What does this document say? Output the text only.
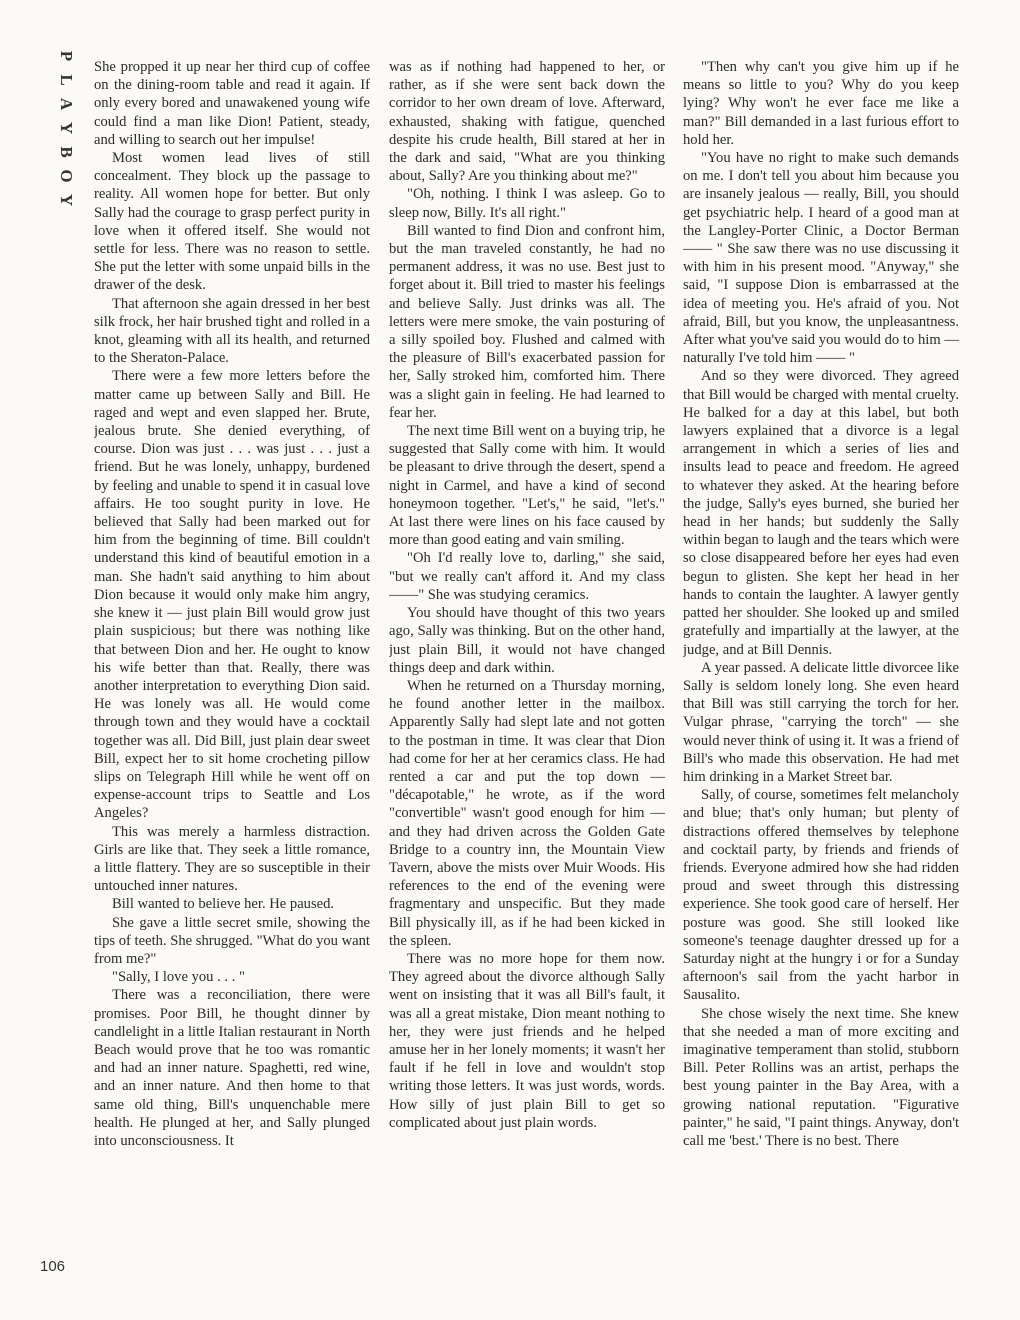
P
L
A
Y
B
O
Y
106

She propped it up near her third cup of coffee on the dining-room table and read it again. If only every bored and unawakened young wife could find a man like Dion! Patient, steady, and willing to search out her impulse!

Most women lead lives of still concealment. They block up the passage to reality. All women hope for better. But only Sally had the courage to grasp perfect purity in love when it offered itself. She would not settle for less. There was no reason to settle. She put the letter with some unpaid bills in the drawer of the desk.

That afternoon she again dressed in her best silk frock, her hair brushed tight and rolled in a knot, gleaming with all its health, and returned to the Sheraton-Palace.

There were a few more letters before the matter came up between Sally and Bill. He raged and wept and even slapped her. Brute, jealous brute. She denied everything, of course. Dion was just . . . was just . . . just a friend. But he was lonely, unhappy, burdened by feeling and unable to spend it in casual love affairs. He too sought purity in love. He believed that Sally had been marked out for him from the beginning of time. Bill couldn't understand this kind of beautiful emotion in a man. She hadn't said anything to him about Dion because it would only make him angry, she knew it — just plain Bill would grow just plain suspicious; but there was nothing like that between Dion and her. He ought to know his wife better than that. Really, there was another interpretation to everything Dion said. He was lonely was all. He would come through town and they would have a cocktail together was all. Did Bill, just plain dear sweet Bill, expect her to sit home crocheting pillow slips on Telegraph Hill while he went off on expense-account trips to Seattle and Los Angeles?

This was merely a harmless distraction. Girls are like that. They seek a little romance, a little flattery. They are so susceptible in their untouched inner natures.

Bill wanted to believe her. He paused.

She gave a little secret smile, showing the tips of teeth. She shrugged. "What do you want from me?"

"Sally, I love you . . . "

There was a reconciliation, there were promises. Poor Bill, he thought dinner by candlelight in a little Italian restaurant in North Beach would prove that he too was romantic and had an inner nature. Spaghetti, red wine, and an inner nature. And then home to that same old thing, Bill's unquenchable mere health. He plunged at her, and Sally plunged into unconsciousness. It

was as if nothing had happened to her, or rather, as if she were sent back down the corridor to her own dream of love. Afterward, exhausted, shaking with fatigue, quenched despite his crude health, Bill stared at her in the dark and said, "What are you thinking about, Sally? Are you thinking about me?"

"Oh, nothing. I think I was asleep. Go to sleep now, Billy. It's all right."

Bill wanted to find Dion and confront him, but the man traveled constantly, he had no permanent address, it was no use. Best just to forget about it. Bill tried to master his feelings and believe Sally. Just drinks was all. The letters were mere smoke, the vain posturing of a silly spoiled boy. Flushed and calmed with the pleasure of Bill's exacerbated passion for her, Sally stroked him, comforted him. There was a slight gain in feeling. He had learned to fear her.

The next time Bill went on a buying trip, he suggested that Sally come with him. It would be pleasant to drive through the desert, spend a night in Carmel, and have a kind of second honeymoon together. "Let's," he said, "let's." At last there were lines on his face caused by more than good eating and vain smiling.

"Oh I'd really love to, darling," she said, "but we really can't afford it. And my class——" She was studying ceramics.

You should have thought of this two years ago, Sally was thinking. But on the other hand, just plain Bill, it would not have changed things deep and dark within.

When he returned on a Thursday morning, he found another letter in the mailbox. Apparently Sally had slept late and not gotten to the postman in time. It was clear that Dion had come for her at her ceramics class. He had rented a car and put the top down — "décapotable," he wrote, as if the word "convertible" wasn't good enough for him — and they had driven across the Golden Gate Bridge to a country inn, the Mountain View Tavern, above the mists over Muir Woods. His references to the end of the evening were fragmentary and unspecific. But they made Bill physically ill, as if he had been kicked in the spleen.

There was no more hope for them now. They agreed about the divorce although Sally went on insisting that it was all Bill's fault, it was all a great mistake, Dion meant nothing to her, they were just friends and he helped amuse her in her lonely moments; it wasn't her fault if he fell in love and wouldn't stop writing those letters. It was just words, words. How silly of just plain Bill to get so complicated about just plain words.

"Then why can't you give him up if he means so little to you? Why do you keep lying? Why won't he ever face me like a man?" Bill demanded in a last furious effort to hold her.

"You have no right to make such demands on me. I don't tell you about him because you are insanely jealous — really, Bill, you should get psychiatric help. I heard of a good man at the Langley-Porter Clinic, a Doctor Berman —— " She saw there was no use discussing it with him in his present mood. "Anyway," she said, "I suppose Dion is embarrassed at the idea of meeting you. He's afraid of you. Not afraid, Bill, but you know, the unpleasantness. After what you've said you would do to him — naturally I've told him —— "

And so they were divorced. They agreed that Bill would be charged with mental cruelty. He balked for a day at this label, but both lawyers explained that a divorce is a legal arrangement in which a series of lies and insults lead to peace and freedom. He agreed to whatever they asked. At the hearing before the judge, Sally's eyes burned, she buried her head in her hands; but suddenly the Sally within began to laugh and the tears which were so close disappeared before her eyes had even begun to glisten. She kept her head in her hands to contain the laughter. A lawyer gently patted her shoulder. She looked up and smiled gratefully and impartially at the lawyer, at the judge, and at Bill Dennis.

A year passed. A delicate little divorcee like Sally is seldom lonely long. She even heard that Bill was still carrying the torch for her. Vulgar phrase, "carrying the torch" — she would never think of using it. It was a friend of Bill's who made this observation. He had met him drinking in a Market Street bar.

Sally, of course, sometimes felt melancholy and blue; that's only human; but plenty of distractions offered themselves by telephone and cocktail party, by friends and friends of friends. Everyone admired how she had ridden proud and sweet through this distressing experience. She took good care of herself. Her posture was good. She still looked like someone's teenage daughter dressed up for a Saturday night at the hungry i or for a Sunday afternoon's sail from the yacht harbor in Sausalito.

She chose wisely the next time. She knew that she needed a man of more exciting and imaginative temperament than stolid, stubborn Bill. Peter Rollins was an artist, perhaps the best young painter in the Bay Area, with a growing national reputation. "Figurative painter," he said, "I paint things. Anyway, don't call me 'best.' There is no best. There
